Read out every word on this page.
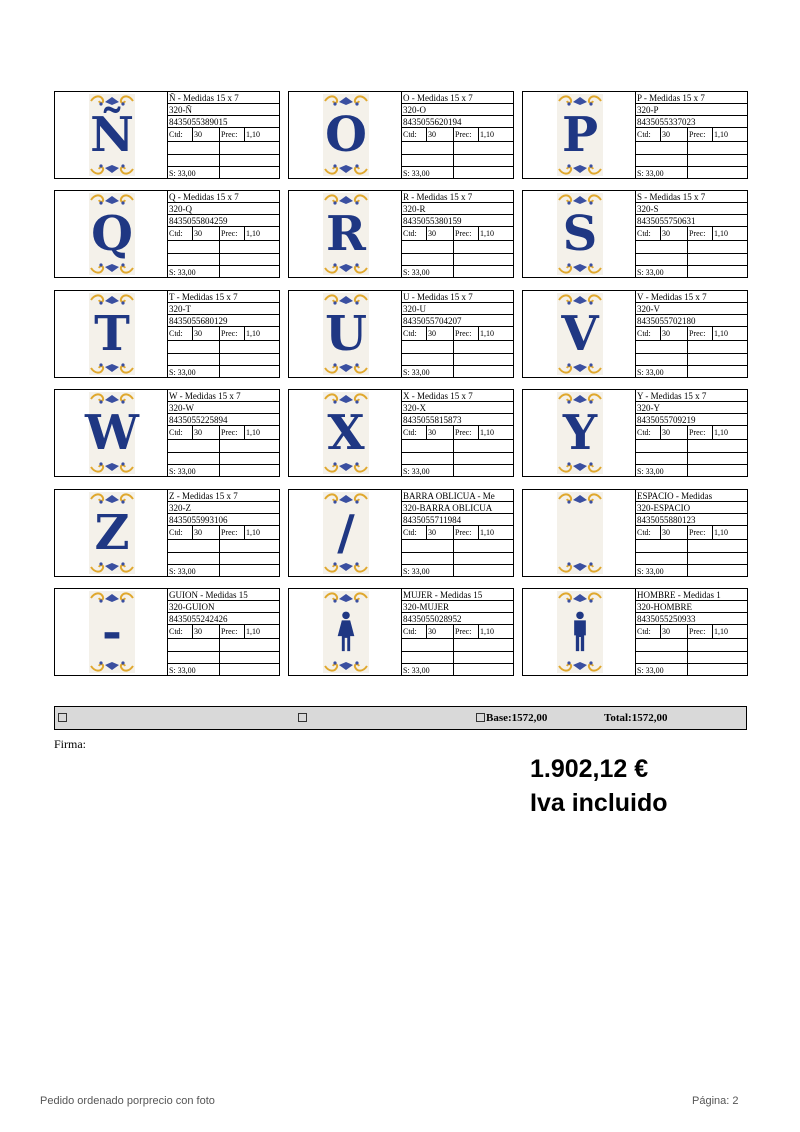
Ñ
Ñ - Medidas 15 x 7
320-Ñ
8435055389015
Ctd:	30	Prec:	1,10
S: 33,00
O
O - Medidas 15 x 7
320-O
8435055620194
Ctd:	30	Prec:	1,10
S: 33,00
P
P - Medidas 15 x 7
320-P
8435055337023
Ctd:	30	Prec:	1,10
S: 33,00
Q
Q - Medidas 15 x 7
320-Q
8435055804259
Ctd:	30	Prec:	1,10
S: 33,00
R
R - Medidas 15 x 7
320-R
8435055380159
Ctd:	30	Prec:	1,10
S: 33,00
S
S - Medidas 15 x 7
320-S
8435055750631
Ctd:	30	Prec:	1,10
S: 33,00
T
T - Medidas 15 x 7
320-T
8435055680129
Ctd:	30	Prec:	1,10
S: 33,00
U
U - Medidas 15 x 7
320-U
8435055704207
Ctd:	30	Prec:	1,10
S: 33,00
V
V - Medidas 15 x 7
320-V
8435055702180
Ctd:	30	Prec:	1,10
S: 33,00
W
W - Medidas 15 x 7
320-W
8435055225894
Ctd:	30	Prec:	1,10
S: 33,00
X
X - Medidas 15 x 7
320-X
8435055815873
Ctd:	30	Prec:	1,10
S: 33,00
Y
Y - Medidas 15 x 7
320-Y
8435055709219
Ctd:	30	Prec:	1,10
S: 33,00
Z
Z - Medidas 15 x 7
320-Z
8435055993106
Ctd:	30	Prec:	1,10
S: 33,00
/
BARRA OBLICUA - Me
320-BARRA OBLICUA
8435055711984
Ctd:	30	Prec:	1,10
S: 33,00
ESPACIO - Medidas
320-ESPACIO
8435055880123
Ctd:	30	Prec:	1,10
S: 33,00
-
GUION - Medidas 15
320-GUION
8435055242426
Ctd:	30	Prec:	1,10
S: 33,00
MUJER - Medidas 15
320-MUJER
8435055028952
Ctd:	30	Prec:	1,10
S: 33,00
HOMBRE - Medidas 1
320-HOMBRE
8435055250933
Ctd:	30	Prec:	1,10
S: 33,00
Base:1572,00	Total:1572,00
Firma:
1.902,12 €
Iva incluido
Pedido ordenado porprecio con foto	Página: 2
